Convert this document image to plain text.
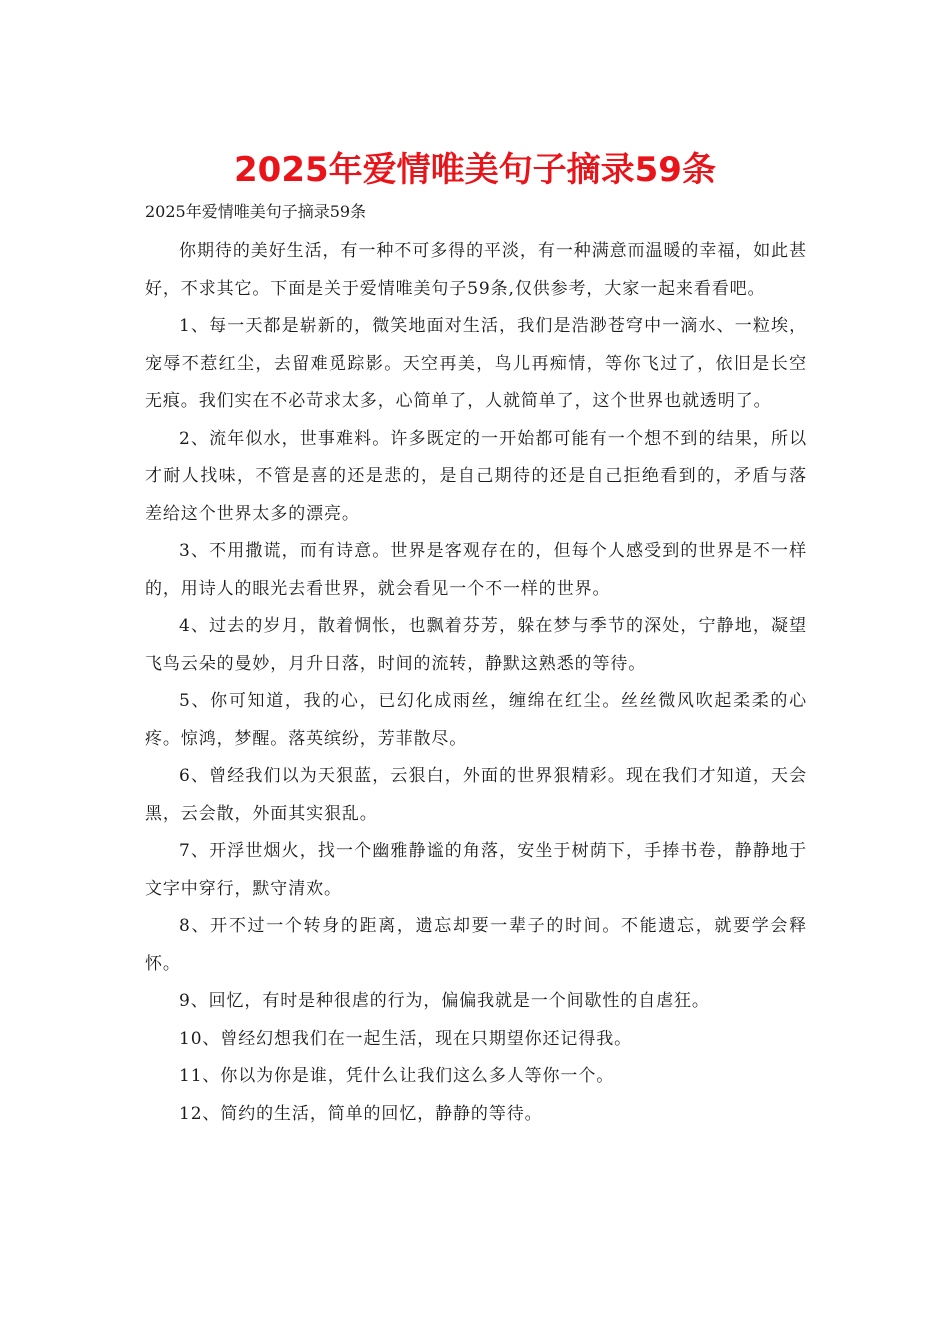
2025年爱情唯美句子摘录59条

2025年爱情唯美句子摘录59条

你期待的美好生活，有一种不可多得的平淡，有一种满意而温暖的幸福，如此甚好，不求其它。下面是关于爱情唯美句子59条,仅供参考，大家一起来看看吧。

1、每一天都是崭新的，微笑地面对生活，我们是浩渺苍穹中一滴水、一粒埃，宠辱不惹红尘，去留难觅踪影。天空再美，鸟儿再痴情，等你飞过了，依旧是长空无痕。我们实在不必苛求太多，心简单了，人就简单了，这个世界也就透明了。

2、流年似水，世事难料。许多既定的一开始都可能有一个想不到的结果，所以才耐人找味，不管是喜的还是悲的，是自己期待的还是自己拒绝看到的，矛盾与落差给这个世界太多的漂亮。

3、不用撒谎，而有诗意。世界是客观存在的，但每个人感受到的世界是不一样的，用诗人的眼光去看世界，就会看见一个不一样的世界。

4、过去的岁月，散着惆怅，也飘着芬芳，躲在梦与季节的深处，宁静地，凝望飞鸟云朵的曼妙，月升日落，时间的流转，静默这熟悉的等待。

5、你可知道，我的心，已幻化成雨丝，缠绵在红尘。丝丝微风吹起柔柔的心疼。惊鸿，梦醒。落英缤纷，芳菲散尽。

6、曾经我们以为天狠蓝，云狠白，外面的世界狠精彩。现在我们才知道，天会黑，云会散，外面其实狠乱。

7、开浮世烟火，找一个幽雅静谧的角落，安坐于树荫下，手捧书卷，静静地于文字中穿行，默守清欢。

8、开不过一个转身的距离，遗忘却要一辈子的时间。不能遗忘，就要学会释怀。

9、回忆，有时是种很虐的行为，偏偏我就是一个间歇性的自虐狂。

10、曾经幻想我们在一起生活，现在只期望你还记得我。

11、你以为你是谁，凭什么让我们这么多人等你一个。

12、简约的生活，简单的回忆，静静的等待。
